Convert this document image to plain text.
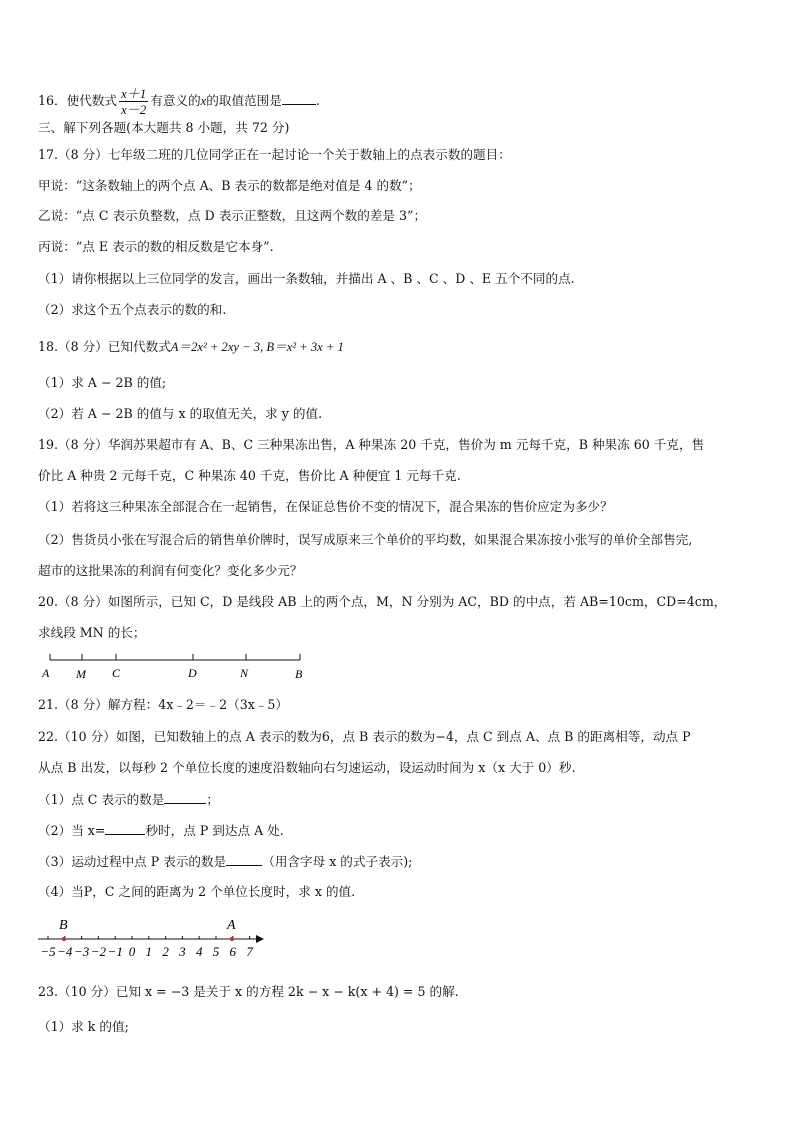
16．使代数式 $\frac{x+1}{x-2}$ 有意义的x的取值范围是	.
三、解下列各题(本大题共 8 小题，共 72 分)
17.（8 分）七年级二班的几位同学正在一起讨论一个关于数轴上的点表示数的题目：
甲说：“这条数轴上的两个点 A、B 表示的数都是绝对值是 4 的数”；
乙说：“点 C 表示负整数，点 D 表示正整数，且这两个数的差是 3”；
丙说：“点 E 表示的数的相反数是它本身”.
（1）请你根据以上三位同学的发言，画出一条数轴，并描出 A 、B 、C 、D 、E 五个不同的点.
（2）求这个五个点表示的数的和.
18.（8 分）已知代数式A＝2x² + 2xy − 3, B＝x² + 3x + 1
（1）求 A − 2B 的值;
（2）若 A − 2B 的值与 x 的取值无关，求 y 的值.
19.（8 分）华润苏果超市有 A、B、C 三种果冻出售，A 种果冻 20 千克，售价为 m 元每千克，B 种果冻 60 千克，售
价比 A 种贵 2 元每千克，C 种果冻 40 千克，售价比 A 种便宜 1 元每千克.
（1）若将这三种果冻全部混合在一起销售，在保证总售价不变的情况下，混合果冻的售价应定为多少？
（2）售货员小张在写混合后的销售单价牌时，误写成原来三个单价的平均数，如果混合果冻按小张写的单价全部售完,
超市的这批果冻的利润有何变化？变化多少元？
20.（8 分）如图所示，已知 C，D 是线段 AB 上的两个点，M，N 分别为 AC，BD 的中点，若 AB=10cm，CD=4cm，
求线段 MN 的长；
A M C	D	N	B
21.（8 分）解方程：4x﹣2＝﹣2（3x﹣5）
22.（10 分）如图，已知数轴上的点 A 表示的数为6，点 B 表示的数为−4，点 C 到点 A、点 B 的距离相等，动点 P
从点 B 出发，以每秒 2 个单位长度的速度沿数轴向右匀速运动，设运动时间为 x（x 大于 0）秒.
（1）点 C 表示的数是	；
（2）当 x=	秒时，点 P 到达点 A 处.
（3）运动过程中点 P 表示的数是	（用含字母 x 的式子表示);
（4）当P，C 之间的距离为 2 个单位长度时，求 x 的值.
−5 −4 −3 −2 −1 0 1 2 3 4 5 6 7
B	A
23.（10 分）已知 x = −3 是关于 x 的方程 2k − x − k(x + 4) = 5 的解.
（1）求 k 的值;
